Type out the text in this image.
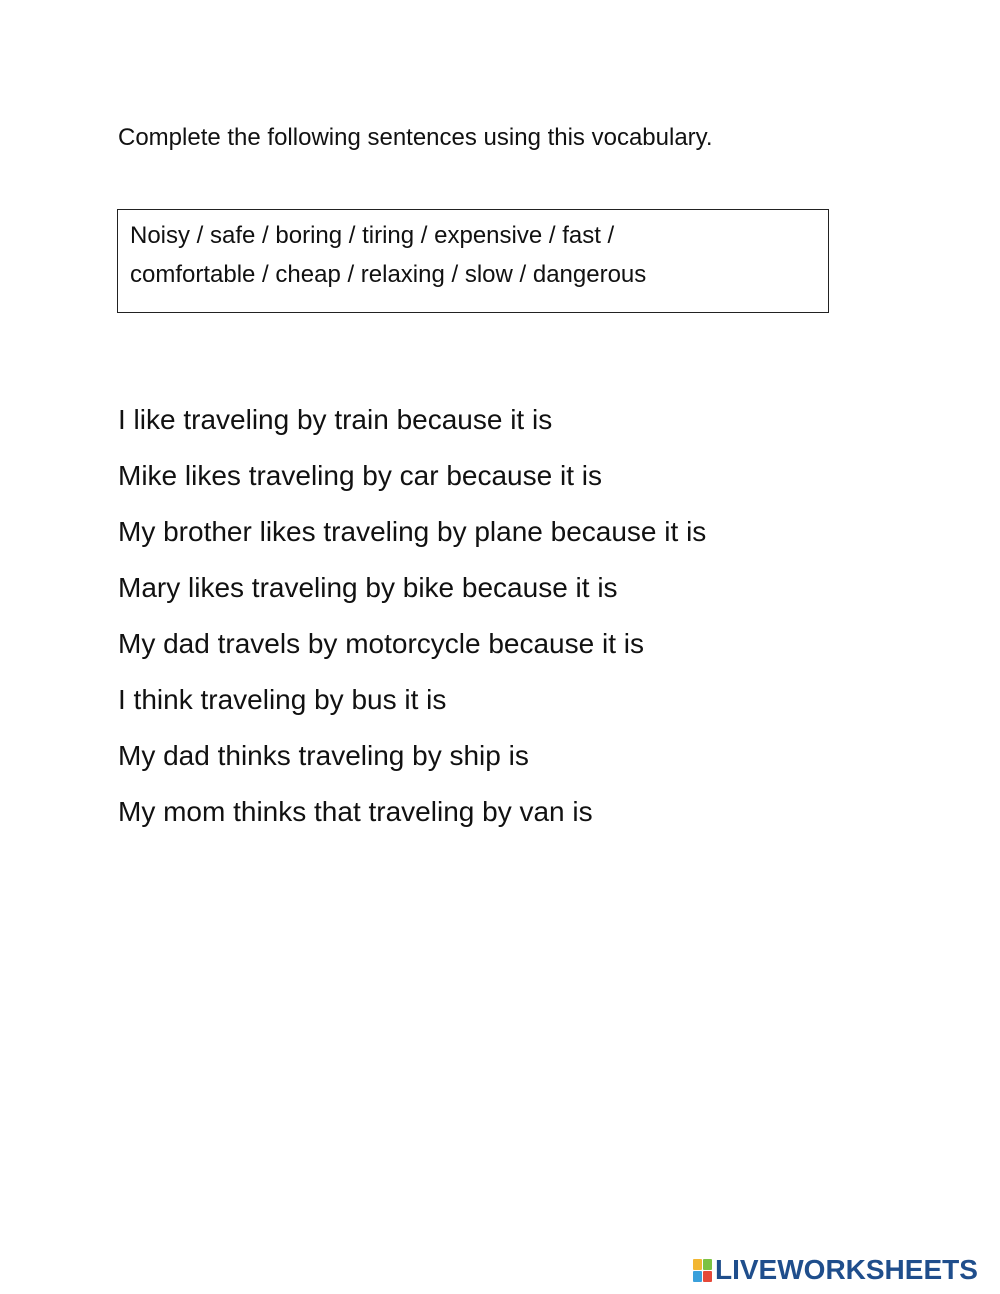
Complete the following sentences using this vocabulary.
Noisy / safe / boring / tiring / expensive / fast /
comfortable / cheap / relaxing / slow / dangerous
I like traveling by train because it is
Mike likes traveling by car because it is
My brother likes traveling by plane because it is
Mary likes traveling by bike because it is
My dad travels by motorcycle because it is
I think traveling by bus it is
My dad thinks traveling by ship is
My mom thinks that traveling by van is
LIVEWORKSHEETS
